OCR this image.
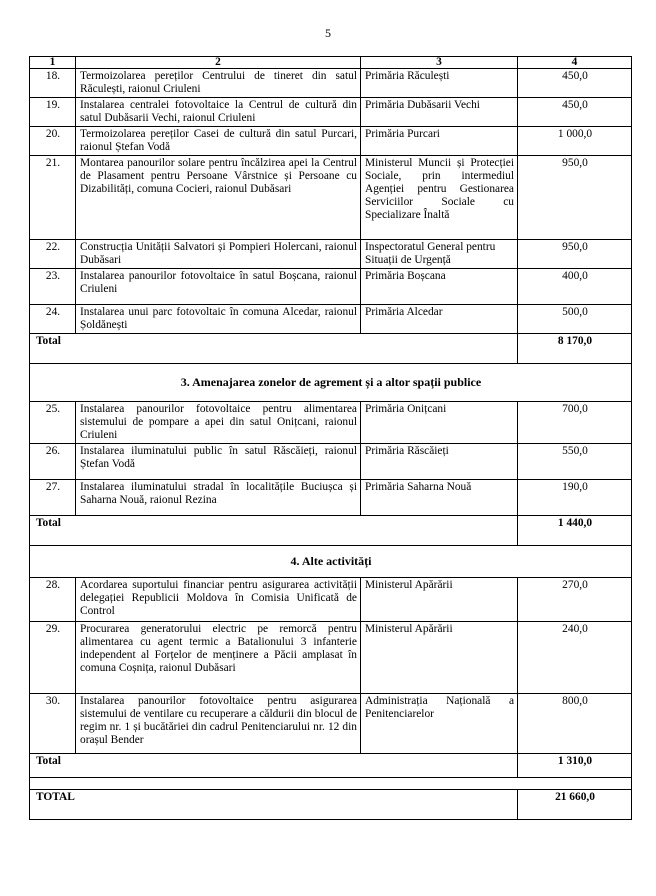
5
1	2	3	4
18.	Termoizolarea pereților Centrului de tineret din satul Răculești, raionul Criuleni	Primăria Răculești	450,0
19.	Instalarea centralei fotovoltaice la Centrul de cultură din satul Dubăsarii Vechi, raionul Criuleni	Primăria Dubăsarii Vechi	450,0
20.	Termoizolarea pereților Casei de cultură din satul Purcari, raionul Ștefan Vodă	Primăria Purcari	1 000,0
21.	Montarea panourilor solare pentru încălzirea apei la Centrul de Plasament pentru Persoane Vârstnice și Persoane cu Dizabilități, comuna Cocieri, raionul Dubăsari	Ministerul Muncii și Protecției Sociale, prin intermediul Agenției pentru Gestionarea Serviciilor Sociale cu Specializare Înaltă	950,0
22.	Construcția Unității Salvatori și Pompieri Holercani, raionul Dubăsari	Inspectoratul General pentru Situații de Urgență	950,0
23.	Instalarea panourilor fotovoltaice în satul Boșcana, raionul Criuleni	Primăria Boșcana	400,0
24.	Instalarea unui parc fotovoltaic în comuna Alcedar, raionul Șoldănești	Primăria Alcedar	500,0
Total			8 170,0
3. Amenajarea zonelor de agrement și a altor spații publice			
25.	Instalarea panourilor fotovoltaice pentru alimentarea sistemului de pompare a apei din satul Onițcani, raionul Criuleni	Primăria Onițcani	700,0
26.	Instalarea iluminatului public în satul Răscăieți, raionul Ștefan Vodă	Primăria Răscăieți	550,0
27.	Instalarea iluminatului stradal în localitățile Buciușca și Saharna Nouă, raionul Rezina	Primăria Saharna Nouă	190,0
Total			1 440,0
4. Alte activități			
28.	Acordarea suportului financiar pentru asigurarea activității delegației Republicii Moldova în Comisia Unificată de Control	Ministerul Apărării	270,0
29.	Procurarea generatorului electric pe remorcă pentru alimentarea cu agent termic a Batalionului 3 infanterie independent al Forțelor de menținere a Păcii amplasat în comuna Coșnița, raionul Dubăsari	Ministerul Apărării	240,0
30.	Instalarea panourilor fotovoltaice pentru asigurarea sistemului de ventilare cu recuperare a căldurii din blocul de regim nr. 1 și bucătăriei din cadrul Penitenciarului nr. 12 din orașul Bender	Administrația Națională a Penitenciarelor	800,0
Total			1 310,0

TOTAL			21 660,0
